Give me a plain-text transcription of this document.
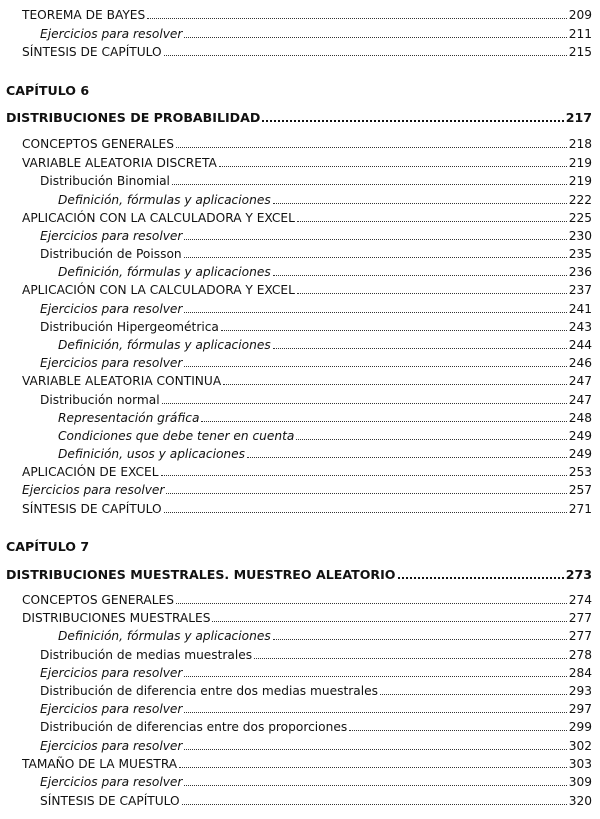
CAPÍTULO 6
DISTRIBUCIONES DE PROBABILIDAD	217
CAPÍTULO 7
DISTRIBUCIONES MUESTRALES. MUESTREO ALEATORIO	273
TEOREMA DE BAYES	209
Ejercicios para resolver	211
SÍNTESIS DE CAPÍTULO	215
CONCEPTOS GENERALES	218
VARIABLE ALEATORIA DISCRETA	219
Distribución Binomial	219
Definición, fórmulas y aplicaciones	222
APLICACIÓN CON LA CALCULADORA Y EXCEL	225
Ejercicios para resolver	230
Distribución de Poisson	235
Definición, fórmulas y aplicaciones	236
APLICACIÓN CON LA CALCULADORA Y EXCEL	237
Ejercicios para resolver	241
Distribución Hipergeométrica	243
Definición, fórmulas y aplicaciones	244
Ejercicios para resolver	246
VARIABLE ALEATORIA CONTINUA	247
Distribución normal	247
Representación gráfica	248
Condiciones que debe tener en cuenta	249
Definición, usos y aplicaciones	249
APLICACIÓN DE EXCEL	253
Ejercicios para resolver	257
SÍNTESIS DE CAPÍTULO	271
CONCEPTOS GENERALES	274
DISTRIBUCIONES MUESTRALES	277
Definición, fórmulas y aplicaciones	277
Distribución de medias muestrales	278
Ejercicios para resolver	284
Distribución de diferencia entre dos medias muestrales	293
Ejercicios para resolver	297
Distribución de diferencias entre dos proporciones	299
Ejercicios para resolver	302
TAMAÑO DE LA MUESTRA	303
Ejercicios para resolver	309
SÍNTESIS DE CAPÍTULO	320
